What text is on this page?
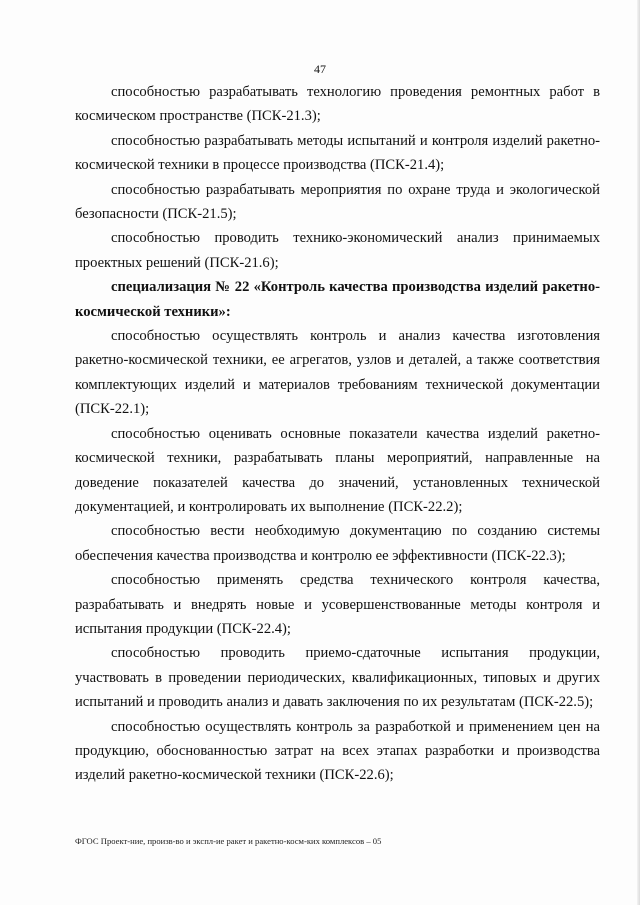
47

способностью разрабатывать технологию проведения ремонтных работ в космическом пространстве (ПСК-21.3);

способностью разрабатывать методы испытаний и контроля изделий ракетно-космической техники в процессе производства (ПСК-21.4);

способностью разрабатывать мероприятия по охране труда и экологической безопасности (ПСК-21.5);

способностью проводить технико-экономический анализ принимаемых проектных решений (ПСК-21.6);

специализация № 22 «Контроль качества производства изделий ракетно-космической техники»:

способностью осуществлять контроль и анализ качества изготовления ракетно-космической техники, ее агрегатов, узлов и деталей, а также соответствия комплектующих изделий и материалов требованиям технической документации (ПСК-22.1);

способностью оценивать основные показатели качества изделий ракетно-космической техники, разрабатывать планы мероприятий, направленные на доведение показателей качества до значений, установленных технической документацией, и контролировать их выполнение (ПСК-22.2);

способностью вести необходимую документацию по созданию системы обеспечения качества производства и контролю ее эффективности (ПСК-22.3);

способностью применять средства технического контроля качества, разрабатывать и внедрять новые и усовершенствованные методы контроля и испытания продукции (ПСК-22.4);

способностью проводить приемо-сдаточные испытания продукции, участвовать в проведении периодических, квалификационных, типовых и других испытаний и проводить анализ и давать заключения по их результатам (ПСК-22.5);

способностью осуществлять контроль за разработкой и применением цен на продукцию, обоснованностью затрат на всех этапах разработки и производства изделий ракетно-космической техники (ПСК-22.6);

ФГОС Проект-ние, произв-во и экспл-ие ракет и ракетно-косм-ких комплексов – 05
